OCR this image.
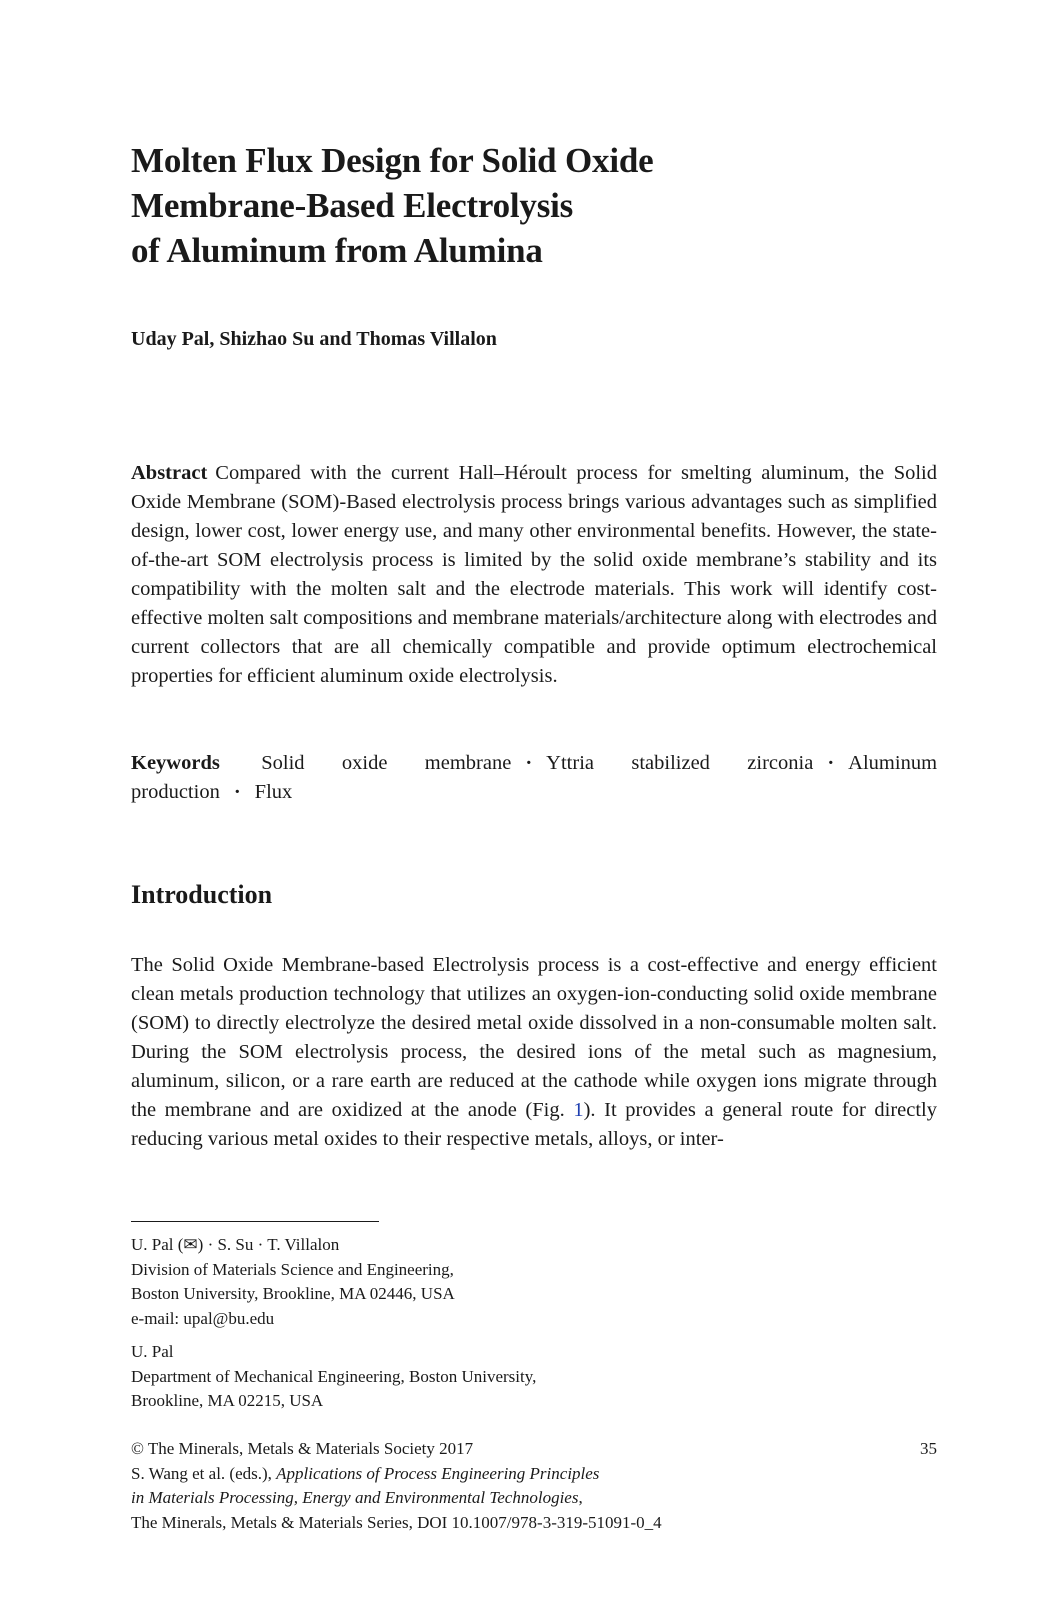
Molten Flux Design for Solid Oxide
Membrane-Based Electrolysis
of Aluminum from Alumina
Uday Pal, Shizhao Su and Thomas Villalon
Abstract Compared with the current Hall–Héroult process for smelting aluminum, the Solid Oxide Membrane (SOM)-Based electrolysis process brings various advantages such as simplified design, lower cost, lower energy use, and many other environmental benefits. However, the state-of-the-art SOM electrolysis process is limited by the solid oxide membrane’s stability and its compatibility with the molten salt and the electrode materials. This work will identify cost-effective molten salt compositions and membrane materials/architecture along with electrodes and current collectors that are all chemically compatible and provide optimum electrochemical properties for efficient aluminum oxide electrolysis.
Keywords Solid oxide membrane · Yttria stabilized zirconia · Aluminum production · Flux
Introduction
The Solid Oxide Membrane-based Electrolysis process is a cost-effective and energy efficient clean metals production technology that utilizes an oxygen-ion-conducting solid oxide membrane (SOM) to directly electrolyze the desired metal oxide dissolved in a non-consumable molten salt. During the SOM electrolysis process, the desired ions of the metal such as magnesium, aluminum, silicon, or a rare earth are reduced at the cathode while oxygen ions migrate through the membrane and are oxidized at the anode (Fig. 1). It provides a general route for directly reducing various metal oxides to their respective metals, alloys, or inter-
U. Pal (✉) · S. Su · T. Villalon
Division of Materials Science and Engineering,
Boston University, Brookline, MA 02446, USA
e-mail: upal@bu.edu
U. Pal
Department of Mechanical Engineering, Boston University,
Brookline, MA 02215, USA
© The Minerals, Metals & Materials Society 2017	35
S. Wang et al. (eds.), Applications of Process Engineering Principles
in Materials Processing, Energy and Environmental Technologies,
The Minerals, Metals & Materials Series, DOI 10.1007/978-3-319-51091-0_4
